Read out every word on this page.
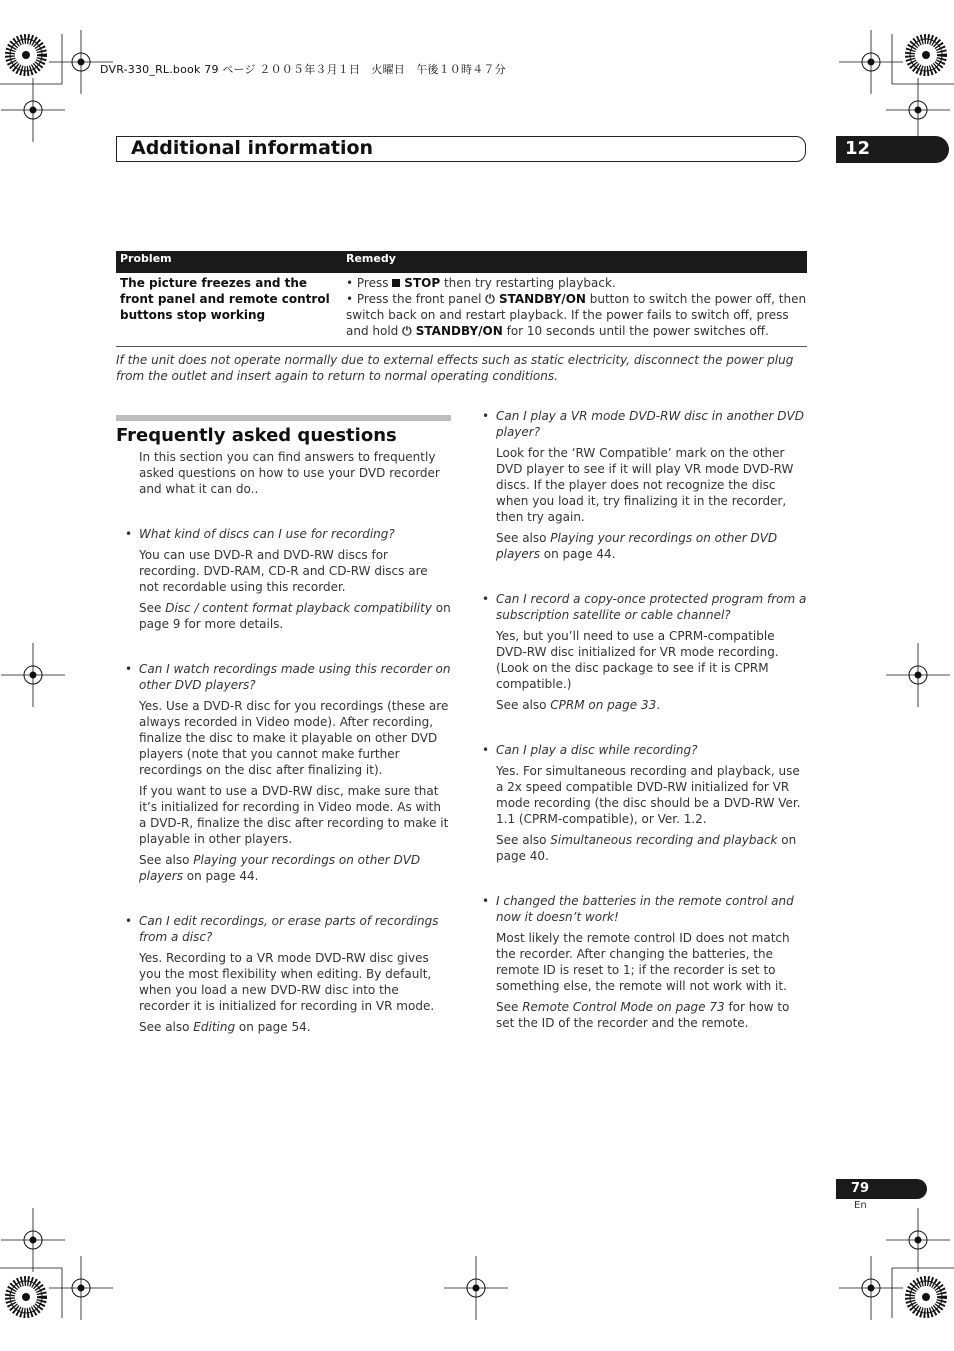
DVR-330_RL.book 79 ページ ２００５年３月１日　火曜日　午後１０時４７分
Additional information	12
Problem	Remedy
The picture freezes and the front panel and remote control buttons stop working
• Press STOP then try restarting playback.
• Press the front panel ⏻ STANDBY/ON button to switch the power off, then switch back on and restart playback. If the power fails to switch off, press and hold ⏻ STANDBY/ON for 10 seconds until the power switches off.
If the unit does not operate normally due to external effects such as static electricity, disconnect the power plug from the outlet and insert again to return to normal operating conditions.
Frequently asked questions

In this section you can find answers to frequently asked questions on how to use your DVD recorder and what it can do..

• What kind of discs can I use for recording?

You can use DVD-R and DVD-RW discs for recording. DVD-RAM, CD-R and CD-RW discs are not recordable using this recorder.

See Disc / content format playback compatibility on page 9 for more details.

• Can I watch recordings made using this recorder on other DVD players?

Yes. Use a DVD-R disc for you recordings (these are always recorded in Video mode). After recording, finalize the disc to make it playable on other DVD players (note that you cannot make further recordings on the disc after finalizing it).

If you want to use a DVD-RW disc, make sure that it’s initialized for recording in Video mode. As with a DVD-R, finalize the disc after recording to make it playable in other players.

See also Playing your recordings on other DVD players on page 44.

• Can I edit recordings, or erase parts of recordings from a disc?

Yes. Recording to a VR mode DVD-RW disc gives you the most flexibility when editing. By default, when you load a new DVD-RW disc into the recorder it is initialized for recording in VR mode.

See also Editing on page 54.

• Can I play a VR mode DVD-RW disc in another DVD player?

Look for the ‘RW Compatible’ mark on the other DVD player to see if it will play VR mode DVD-RW discs. If the player does not recognize the disc when you load it, try finalizing it in the recorder, then try again.

See also Playing your recordings on other DVD players on page 44.

• Can I record a copy-once protected program from a subscription satellite or cable channel?

Yes, but you’ll need to use a CPRM-compatible DVD-RW disc initialized for VR mode recording. (Look on the disc package to see if it is CPRM compatible.)

See also CPRM on page 33.

• Can I play a disc while recording?

Yes. For simultaneous recording and playback, use a 2x speed compatible DVD-RW initialized for VR mode recording (the disc should be a DVD-RW Ver. 1.1 (CPRM-compatible), or Ver. 1.2.

See also Simultaneous recording and playback on page 40.

• I changed the batteries in the remote control and now it doesn’t work!

Most likely the remote control ID does not match the recorder. After changing the batteries, the remote ID is reset to 1; if the recorder is set to something else, the remote will not work with it.

See Remote Control Mode on page 73 for how to set the ID of the recorder and the remote.

79
En
